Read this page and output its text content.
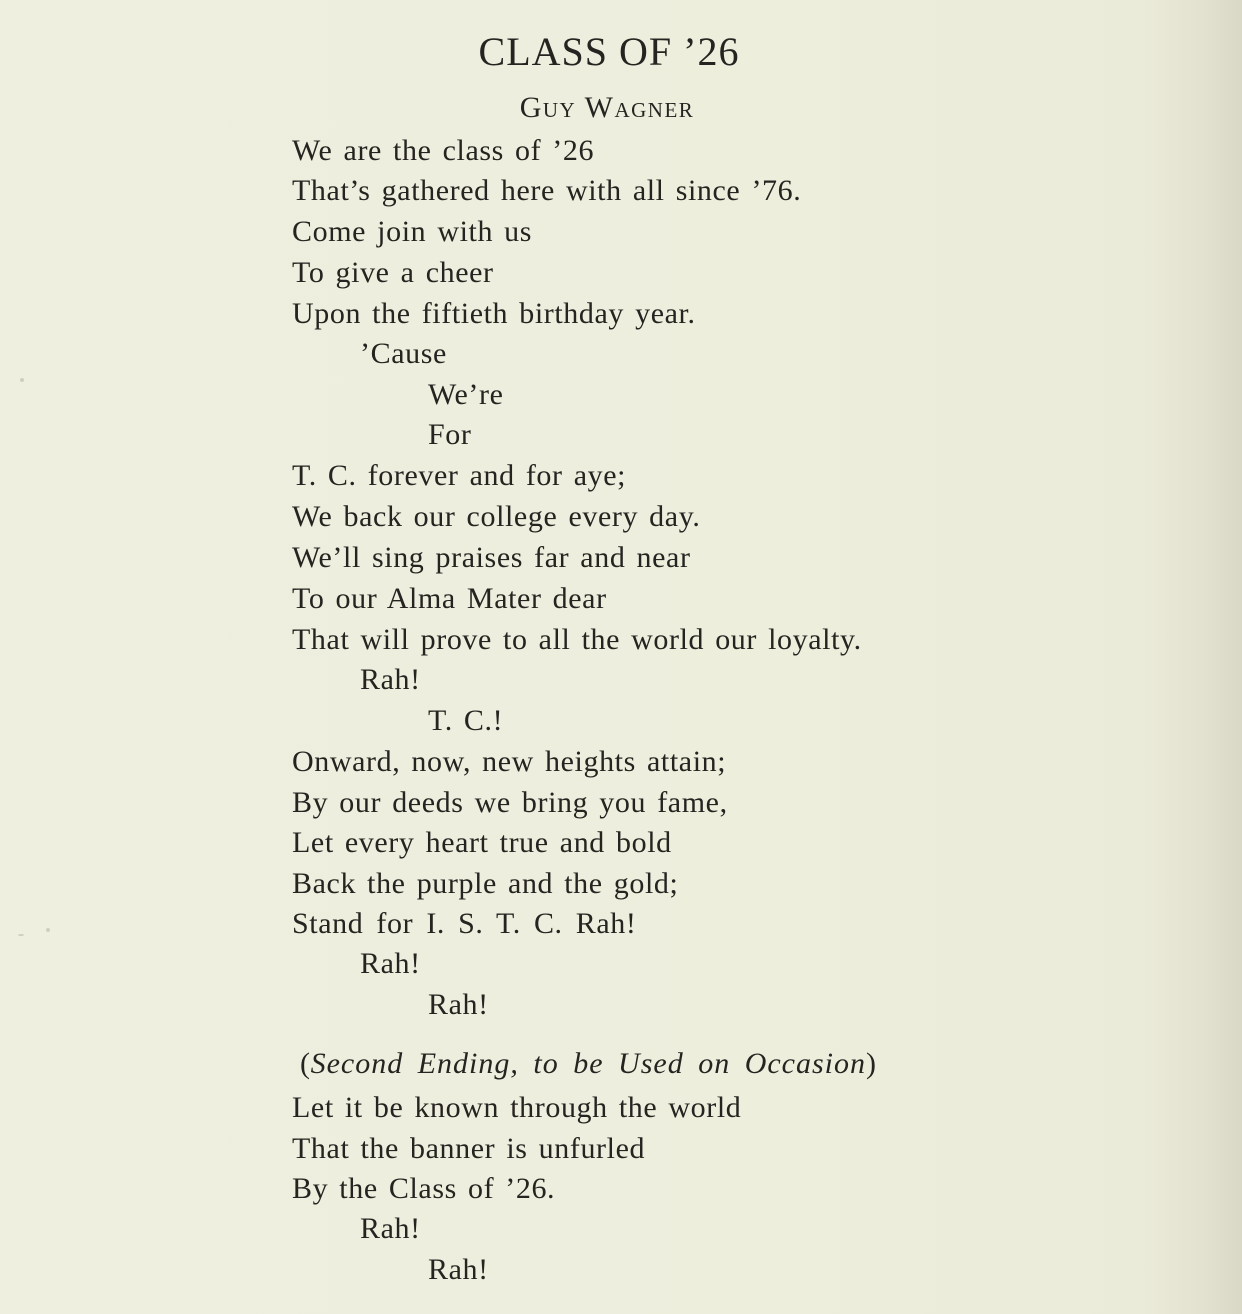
CLASS OF ’26
Guy Wagner
We are the class of ’26
That’s gathered here with all since ’76.
Come join with us
To give a cheer
Upon the fiftieth birthday year.
’Cause
We’re
For
T. C. forever and for aye;
We back our college every day.
We’ll sing praises far and near
To our Alma Mater dear
That will prove to all the world our loyalty.
Rah!
T. C.!
Onward, now, new heights attain;
By our deeds we bring you fame,
Let every heart true and bold
Back the purple and the gold;
Stand for I. S. T. C. Rah!
Rah!
Rah!
(Second Ending, to be Used on Occasion)
Let it be known through the world
That the banner is unfurled
By the Class of ’26.
Rah!
Rah!
